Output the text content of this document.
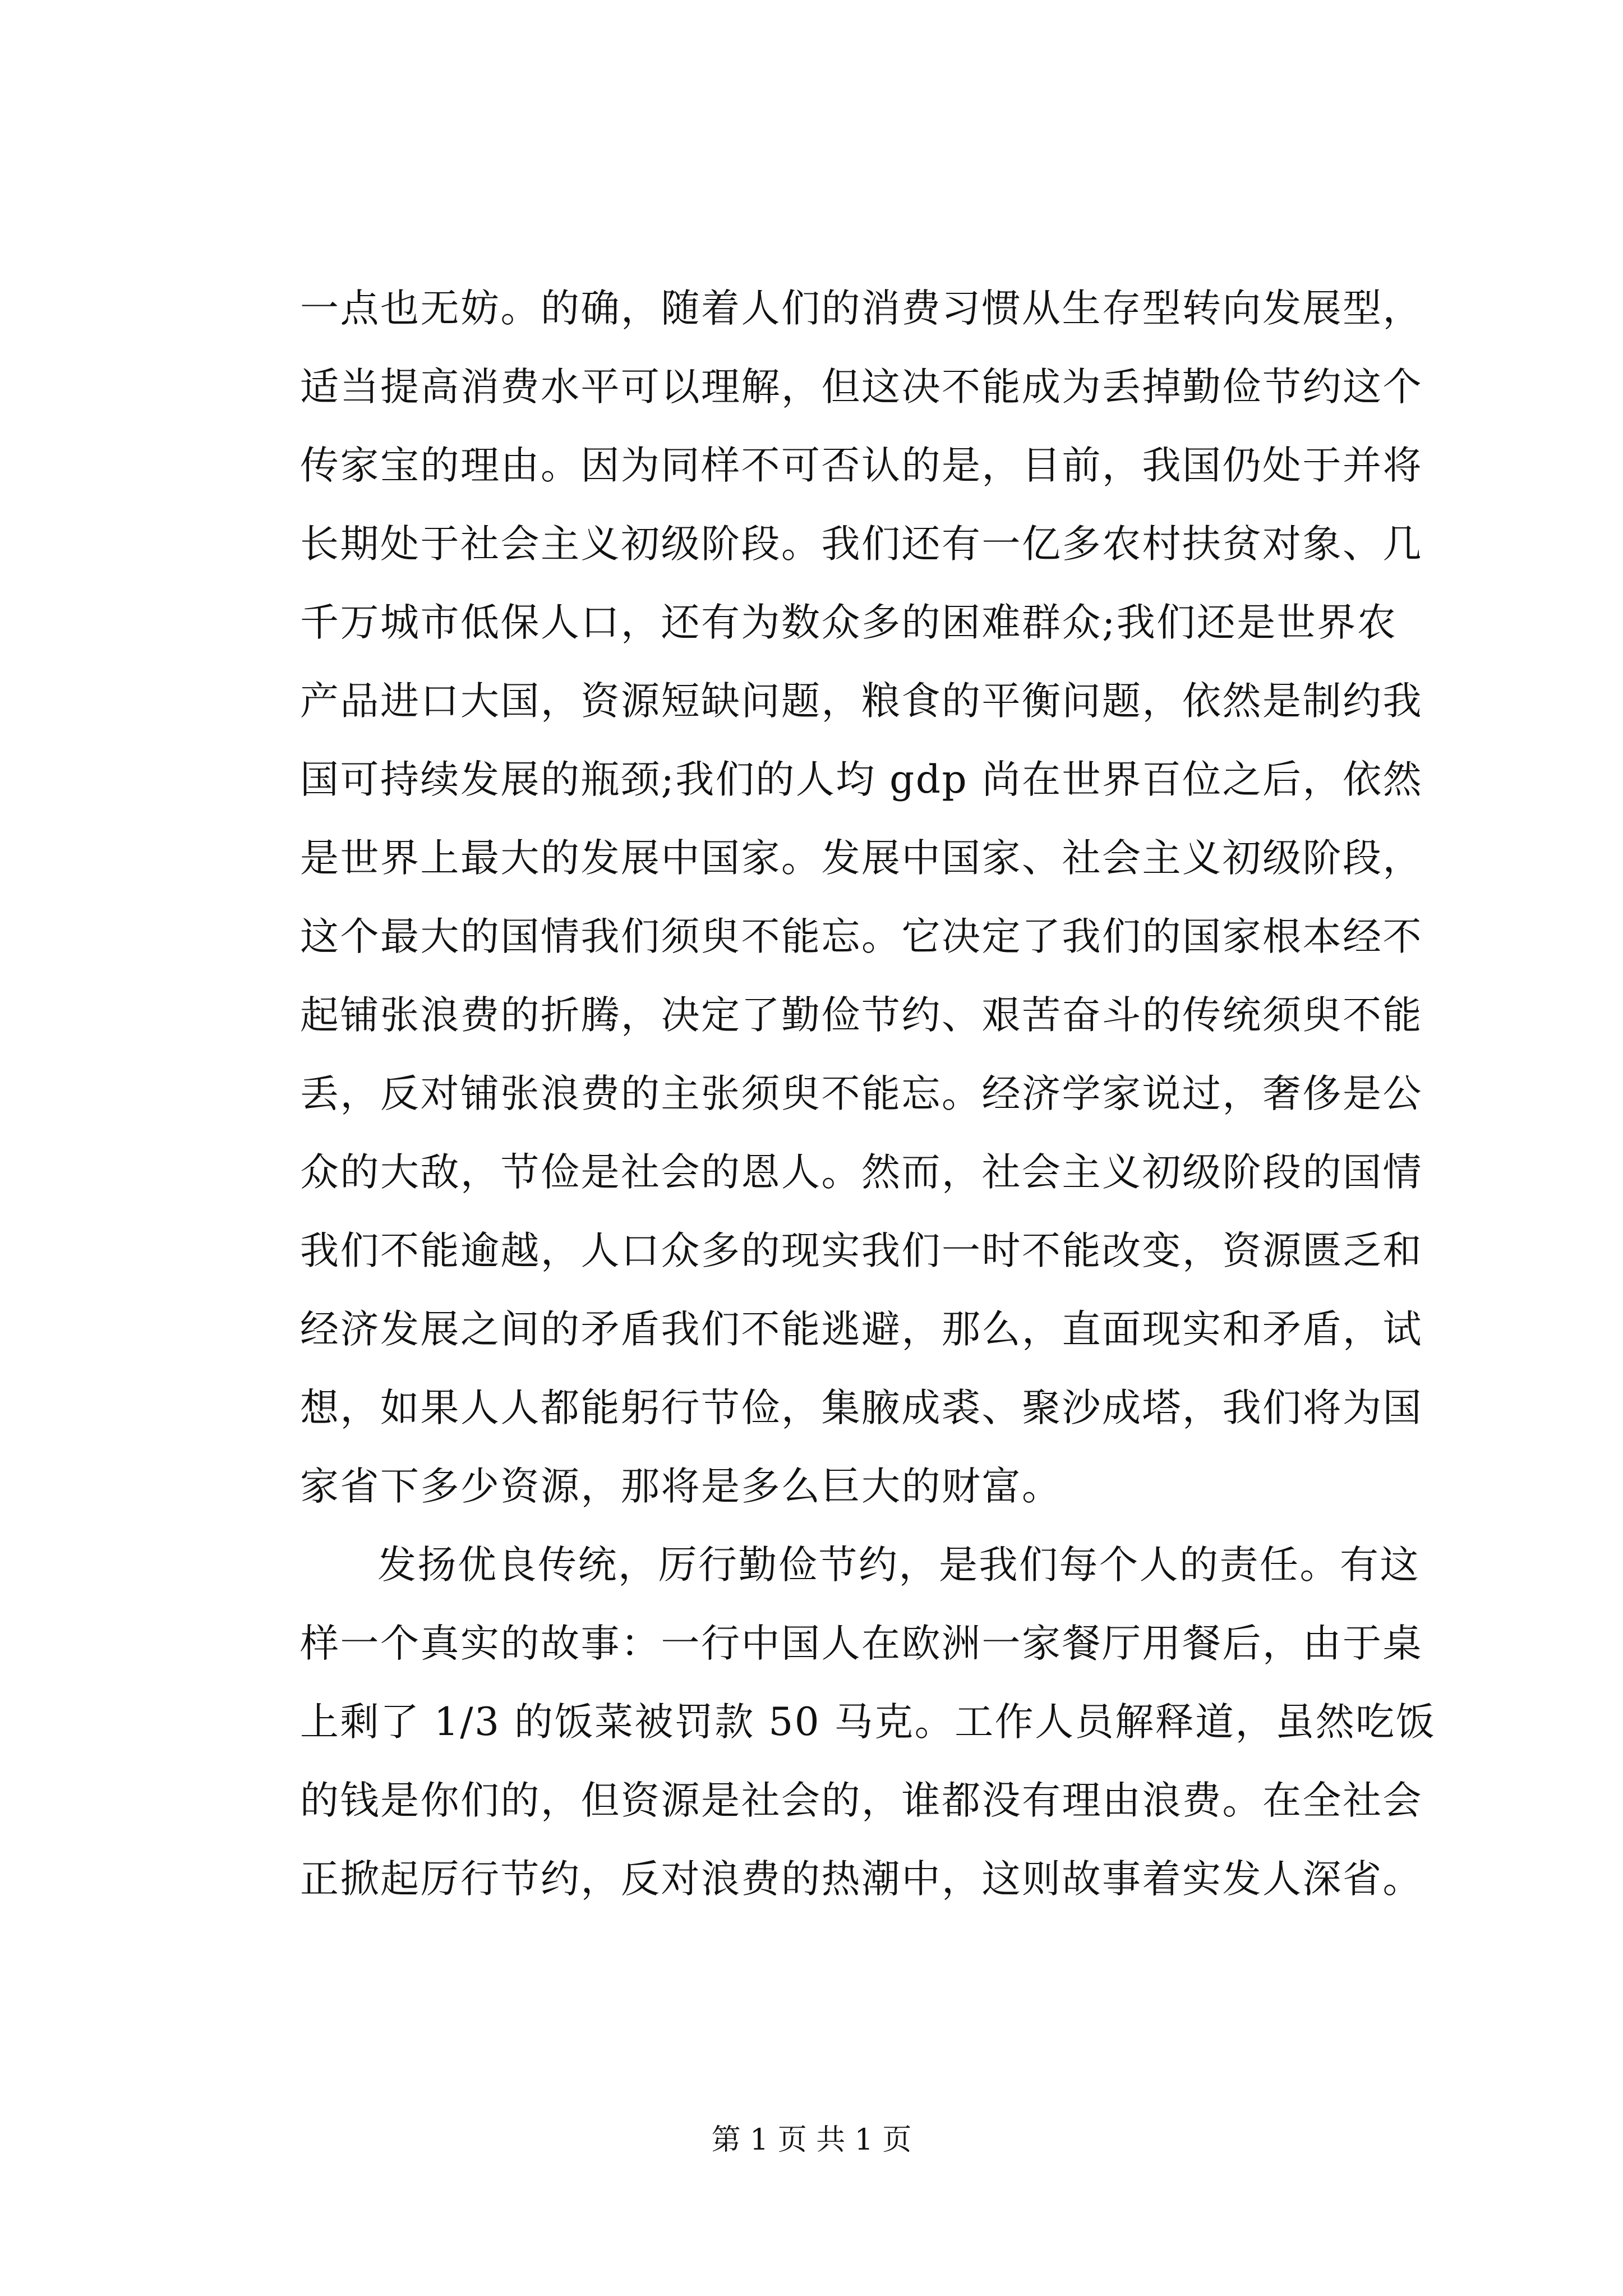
一点也无妨。的确，随着人们的消费习惯从生存型转向发展型，
适当提高消费水平可以理解，但这决不能成为丢掉勤俭节约这个
传家宝的理由。因为同样不可否认的是，目前，我国仍处于并将
长期处于社会主义初级阶段。我们还有一亿多农村扶贫对象、几
千万城市低保人口，还有为数众多的困难群众;我们还是世界农
产品进口大国，资源短缺问题，粮食的平衡问题，依然是制约我
国可持续发展的瓶颈;我们的人均 gdp 尚在世界百位之后，依然
是世界上最大的发展中国家。发展中国家、社会主义初级阶段，
这个最大的国情我们须臾不能忘。它决定了我们的国家根本经不
起铺张浪费的折腾，决定了勤俭节约、艰苦奋斗的传统须臾不能
丢，反对铺张浪费的主张须臾不能忘。经济学家说过，奢侈是公
众的大敌，节俭是社会的恩人。然而，社会主义初级阶段的国情
我们不能逾越，人口众多的现实我们一时不能改变，资源匮乏和
经济发展之间的矛盾我们不能逃避，那么，直面现实和矛盾，试
想，如果人人都能躬行节俭，集腋成裘、聚沙成塔，我们将为国
家省下多少资源，那将是多么巨大的财富。
发扬优良传统，厉行勤俭节约，是我们每个人的责任。有这
样一个真实的故事：一行中国人在欧洲一家餐厅用餐后，由于桌
上剩了 1/3 的饭菜被罚款 50 马克。工作人员解释道，虽然吃饭
的钱是你们的，但资源是社会的，谁都没有理由浪费。在全社会
正掀起厉行节约，反对浪费的热潮中，这则故事着实发人深省。
第 1 页 共 1 页
